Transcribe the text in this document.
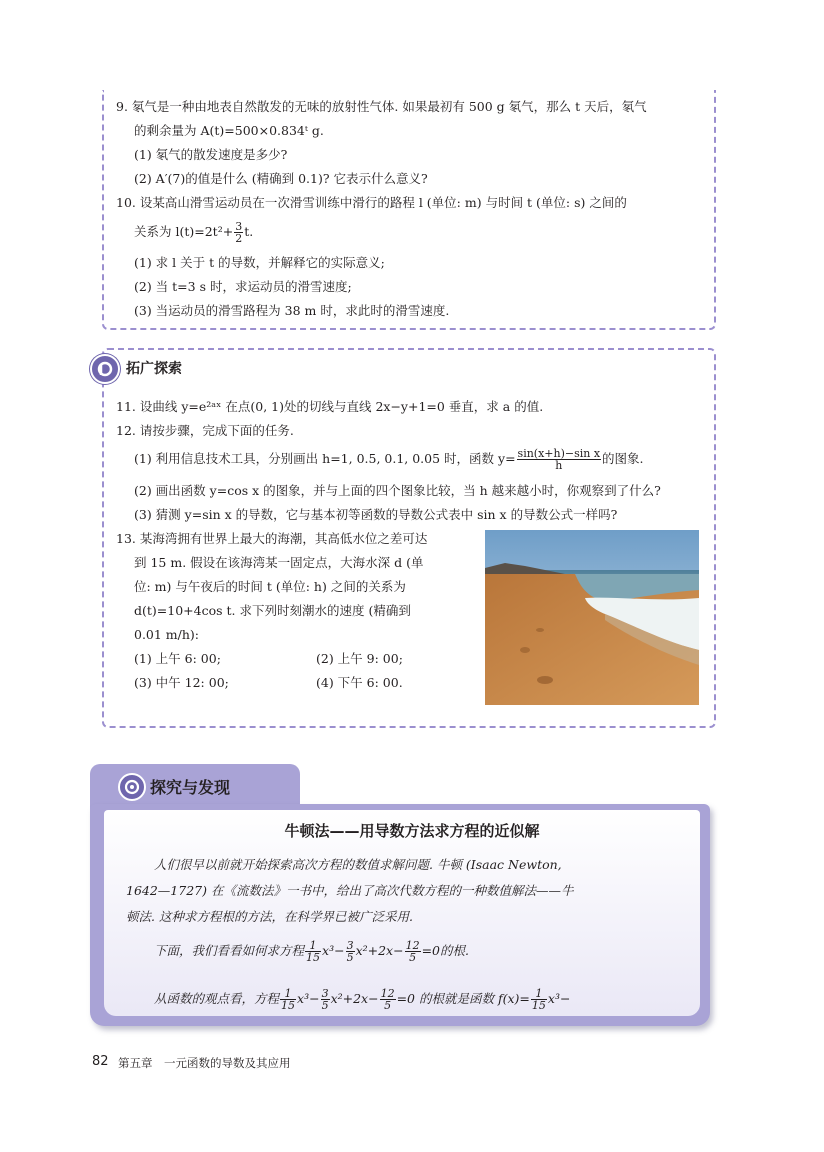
9. 氡气是一种由地表自然散发的无味的放射性气体. 如果最初有 500 g 氡气，那么 t 天后，氡气
的剩余量为 A(t)=500×0.834ᵗ g.
(1) 氡气的散发速度是多少?
(2) A′(7)的值是什么 (精确到 0.1)? 它表示什么意义?
10. 设某高山滑雪运动员在一次滑雪训练中滑行的路程 l (单位: m) 与时间 t (单位: s) 之间的
关系为 $l(t)=2t^2+ \frac{3}{2} t$.
(1) 求 l 关于 t 的导数，并解释它的实际意义;
(2) 当 t=3 s 时，求运动员的滑雪速度;
(3) 当运动员的滑雪路程为 38 m 时，求此时的滑雪速度.
拓广探索
11. 设曲线 y=e²ᵃˣ 在点(0, 1)处的切线与直线 2x−y+1=0 垂直，求 a 的值.
12. 请按步骤，完成下面的任务.
(1) 利用信息技术工具，分别画出 h=1, 0.5, 0.1, 0.05 时，函数 $y= \frac{\text{sin(x+h)−sin x}}{h}$ 的图象.
(2) 画出函数 y=cos x 的图象，并与上面的四个图象比较，当 h 越来越小时，你观察到了什么?
(3) 猜测 y=sin x 的导数，它与基本初等函数的导数公式表中 sin x 的导数公式一样吗?
13. 某海湾拥有世界上最大的海潮，其高低水位之差可达
到 15 m. 假设在该海湾某一固定点，大海水深 d (单
位: m) 与午夜后的时间 t (单位: h) 之间的关系为
d(t)=10+4cos t. 求下列时刻潮水的速度 (精确到
0.01 m/h):
(1) 上午 6: 00;	(2) 上午 9: 00;
(3) 中午 12: 00;	(4) 下午 6: 00.
探究与发现
牛顿法——用导数方法求方程的近似解
人们很早以前就开始探索高次方程的数值求解问题. 牛顿 (Isaac Newton,
1642—1727) 在《流数法》一书中，给出了高次代数方程的一种数值解法——牛
顿法. 这种求方程根的方法，在科学界已被广泛采用.
下面，我们看看如何求方程 $\frac{1}{15} x^3- \frac{3}{5} x^2+2x- \frac{12}{5} =0$的根.
从函数的观点看，方程 $\frac{1}{15} x^3- \frac{3}{5} x^2+2x- \frac{12}{5} =0$ 的根就是函数 $f(x)= \frac{1}{15} x^3-$
82 第五章　一元函数的导数及其应用
